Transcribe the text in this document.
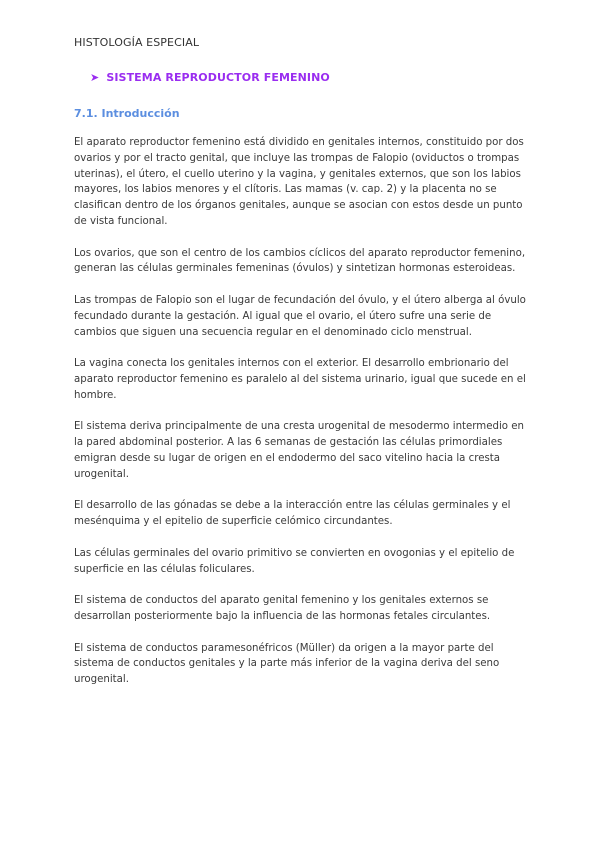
HISTOLOGÍA ESPECIAL
➤ SISTEMA REPRODUCTOR FEMENINO
7.1. Introducción

El aparato reproductor femenino está dividido en genitales internos, constituido por dos ovarios y por el tracto genital, que incluye las trompas de Falopio (oviductos o trompas uterinas), el útero, el cuello uterino y la vagina, y genitales externos, que son los labios mayores, los labios menores y el clítoris. Las mamas (v. cap. 2) y la placenta no se clasifican dentro de los órganos genitales, aunque se asocian con estos desde un punto de vista funcional.

Los ovarios, que son el centro de los cambios cíclicos del aparato reproductor femenino, generan las células germinales femeninas (óvulos) y sintetizan hormonas esteroideas.

Las trompas de Falopio son el lugar de fecundación del óvulo, y el útero alberga al óvulo fecundado durante la gestación. Al igual que el ovario, el útero sufre una serie de cambios que siguen una secuencia regular en el denominado ciclo menstrual.

La vagina conecta los genitales internos con el exterior. El desarrollo embrionario del aparato reproductor femenino es paralelo al del sistema urinario, igual que sucede en el hombre.

El sistema deriva principalmente de una cresta urogenital de mesodermo intermedio en la pared abdominal posterior. A las 6 semanas de gestación las células primordiales emigran desde su lugar de origen en el endodermo del saco vitelino hacia la cresta urogenital.

El desarrollo de las gónadas se debe a la interacción entre las células germinales y el mesénquima y el epitelio de superficie celómico circundantes.

Las células germinales del ovario primitivo se convierten en ovogonias y el epitelio de superficie en las células foliculares.

El sistema de conductos del aparato genital femenino y los genitales externos se desarrollan posteriormente bajo la influencia de las hormonas fetales circulantes.

El sistema de conductos paramesonéfricos (Müller) da origen a la mayor parte del sistema de conductos genitales y la parte más inferior de la vagina deriva del seno urogenital.
